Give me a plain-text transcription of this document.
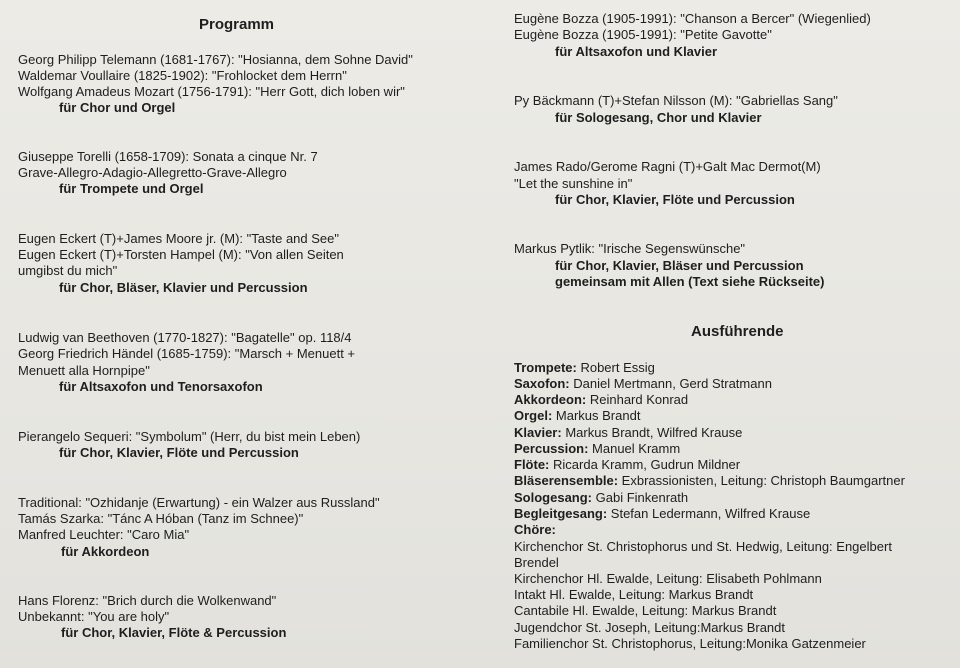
Programm
Georg Philipp Telemann (1681-1767): "Hosianna, dem Sohne David"
Waldemar Voullaire (1825-1902): "Frohlocket dem Herrn"
Wolfgang Amadeus Mozart (1756-1791): "Herr Gott, dich loben wir"
für Chor und Orgel
Giuseppe Torelli (1658-1709): Sonata a cinque Nr. 7
Grave-Allegro-Adagio-Allegretto-Grave-Allegro
für Trompete und Orgel
Eugen Eckert (T)+James Moore jr. (M): "Taste and See"
Eugen Eckert (T)+Torsten Hampel (M): "Von allen Seiten
umgibst du mich"
für Chor, Bläser, Klavier und Percussion
Ludwig van Beethoven (1770-1827): "Bagatelle" op. 118/4
Georg Friedrich Händel (1685-1759): "Marsch + Menuett +
Menuett alla Hornpipe"
für Altsaxofon und Tenorsaxofon
Pierangelo Sequeri: "Symbolum" (Herr, du bist mein Leben)
für Chor, Klavier, Flöte und Percussion
Traditional: "Ozhidanje (Erwartung) - ein Walzer aus Russland"
Tamás Szarka: "Tánc A Hóban (Tanz im Schnee)"
Manfred Leuchter: "Caro Mia"
für Akkordeon
Hans Florenz: "Brich durch die Wolkenwand"
Unbekannt: "You are holy"
für Chor, Klavier, Flöte & Percussion
Eugène Bozza (1905-1991): "Chanson a Bercer" (Wiegenlied)
Eugène Bozza (1905-1991): "Petite Gavotte"
für Altsaxofon und Klavier
Py Bäckmann (T)+Stefan Nilsson (M): "Gabriellas Sang"
für Sologesang, Chor und Klavier
James Rado/Gerome Ragni (T)+Galt Mac Dermot(M)
"Let the sunshine in"
für Chor, Klavier, Flöte und Percussion
Markus Pytlik: "Irische Segenswünsche"
für Chor, Klavier, Bläser und Percussion
gemeinsam mit Allen (Text siehe Rückseite)
Ausführende
Trompete: Robert Essig
Saxofon: Daniel Mertmann, Gerd Stratmann
Akkordeon: Reinhard Konrad
Orgel: Markus Brandt
Klavier: Markus Brandt, Wilfred Krause
Percussion: Manuel Kramm
Flöte: Ricarda Kramm, Gudrun Mildner
Bläserensemble: Exbrassionisten, Leitung: Christoph Baumgartner
Sologesang: Gabi Finkenrath
Begleitgesang: Stefan Ledermann, Wilfred Krause
Chöre:
Kirchenchor St. Christophorus und St. Hedwig, Leitung: Engelbert
Brendel
Kirchenchor Hl. Ewalde, Leitung: Elisabeth Pohlmann
Intakt Hl. Ewalde, Leitung: Markus Brandt
Cantabile Hl. Ewalde, Leitung: Markus Brandt
Jugendchor St. Joseph, Leitung:Markus Brandt
Familienchor St. Christophorus, Leitung:Monika Gatzenmeier
